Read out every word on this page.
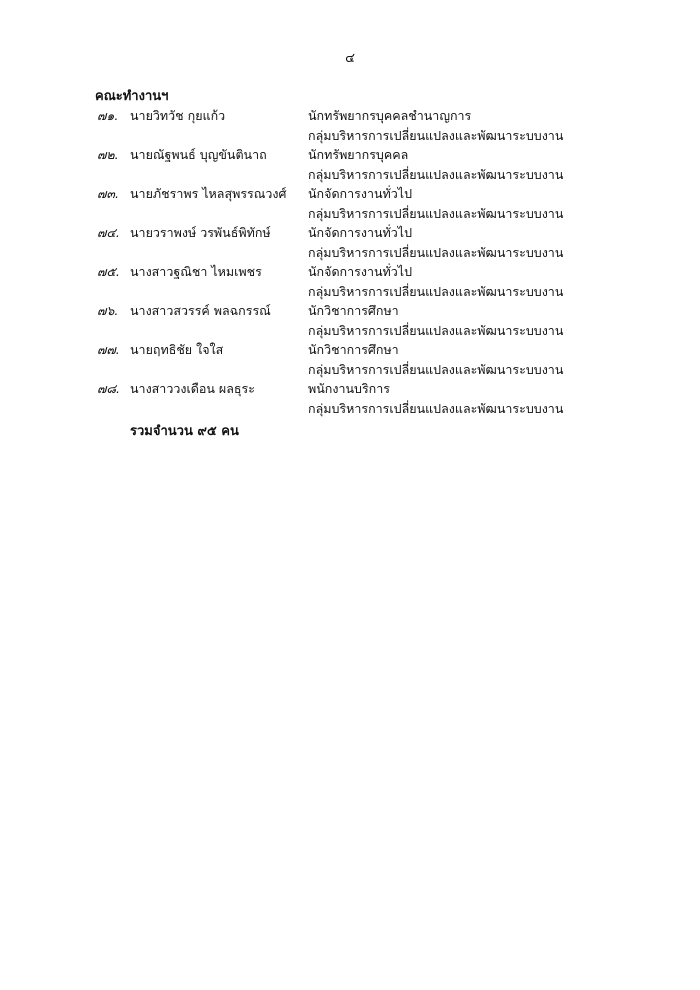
๔
คณะทำงานฯ
๗๑. นายวิทวัช กุยแก้ว	นักทรัพยากรบุคคลชำนาญการ
กลุ่มบริหารการเปลี่ยนแปลงและพัฒนาระบบงาน
๗๒. นายณัฐพนธ์ บุญขันตินาถ	นักทรัพยากรบุคคล
กลุ่มบริหารการเปลี่ยนแปลงและพัฒนาระบบงาน
๗๓. นายภัชราพร ไหลสุพรรณวงศ์	นักจัดการงานทั่วไป
กลุ่มบริหารการเปลี่ยนแปลงและพัฒนาระบบงาน
๗๔. นายวราพงษ์ วรพันธ์พิทักษ์	นักจัดการงานทั่วไป
กลุ่มบริหารการเปลี่ยนแปลงและพัฒนาระบบงาน
๗๕. นางสาวฐณิชา ไหมเพชร	นักจัดการงานทั่วไป
กลุ่มบริหารการเปลี่ยนแปลงและพัฒนาระบบงาน
๗๖. นางสาวสวรรค์ พลฉกรรณ์	นักวิชาการศึกษา
กลุ่มบริหารการเปลี่ยนแปลงและพัฒนาระบบงาน
๗๗. นายฤทธิชัย ใจใส	นักวิชาการศึกษา
กลุ่มบริหารการเปลี่ยนแปลงและพัฒนาระบบงาน
๗๘. นางสาววงเดือน ผลธุระ	พนักงานบริการ
กลุ่มบริหารการเปลี่ยนแปลงและพัฒนาระบบงาน
รวมจำนวน ๙๕ คน
